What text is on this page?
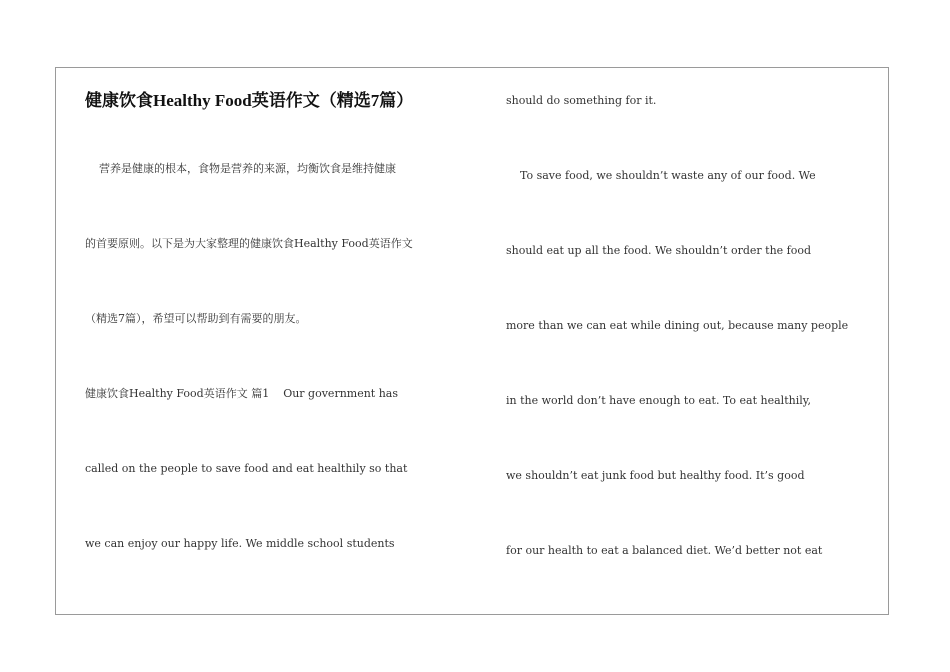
健康饮食Healthy Food英语作文（精选7篇）

营养是健康的根本，食物是营养的来源，均衡饮食是维持健康

的首要原则。以下是为大家整理的健康饮食Healthy Food英语作文

（精选7篇），希望可以帮助到有需要的朋友。

健康饮食Healthy Food英语作文 篇1    Our government has

called on the people to save food and eat healthily so that

we can enjoy our happy life. We middle school students

should do something for it.

To save food, we shouldn’t waste any of our food. We

should eat up all the food. We shouldn’t order the food

more than we can eat while dining out, because many people

in the world don’t have enough to eat. To eat healthily,

we shouldn’t eat junk food but healthy food. It’s good

for our health to eat a balanced diet. We’d better not eat
